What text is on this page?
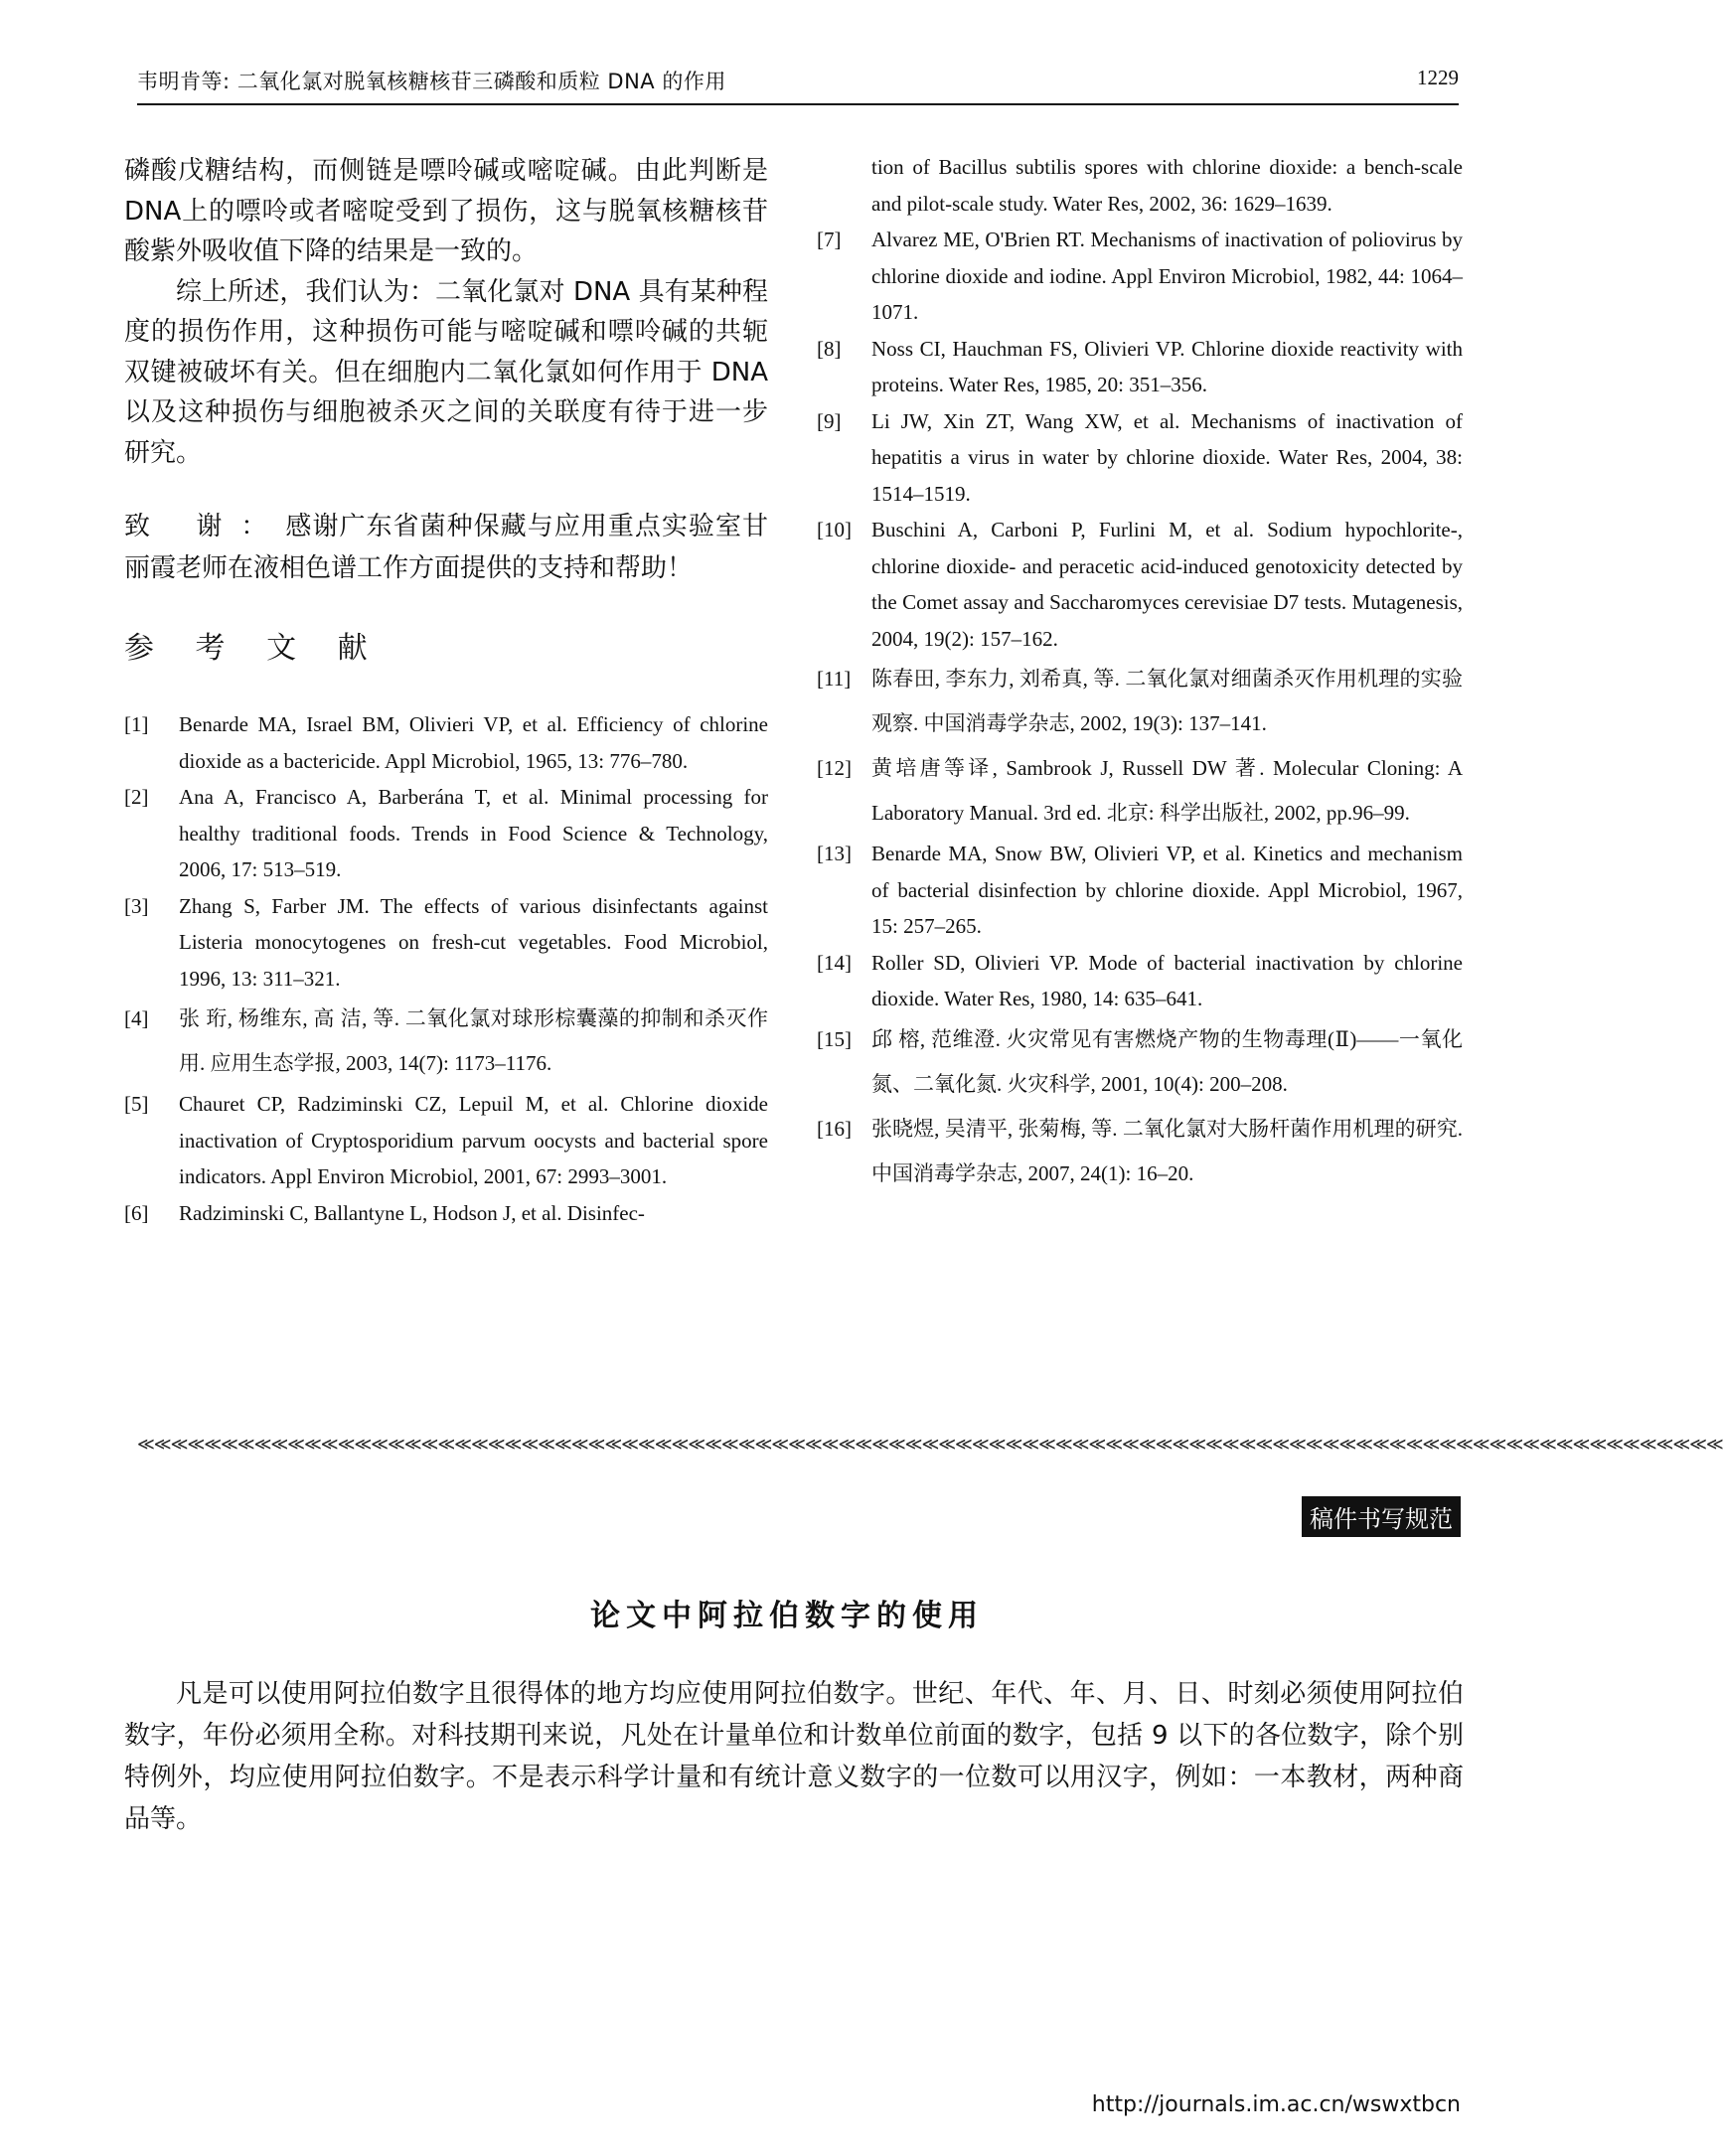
韦明肯等: 二氧化氯对脱氧核糖核苷三磷酸和质粒 DNA 的作用	1229

磷酸戊糖结构，而侧链是嘌呤碱或嘧啶碱。由此判断是DNA上的嘌呤或者嘧啶受到了损伤，这与脱氧核糖核苷酸紫外吸收值下降的结果是一致的。

综上所述，我们认为：二氧化氯对 DNA 具有某种程度的损伤作用，这种损伤可能与嘧啶碱和嘌呤碱的共轭双键被破坏有关。但在细胞内二氧化氯如何作用于 DNA 以及这种损伤与细胞被杀灭之间的关联度有待于进一步研究。

致 谢：感谢广东省菌种保藏与应用重点实验室甘丽霞老师在液相色谱工作方面提供的支持和帮助！
参 考 文 献
[1] Benarde MA, Israel BM, Olivieri VP, et al. Efficiency of chlorine dioxide as a bactericide. Appl Microbiol, 1965, 13: 776–780.
[2] Ana A, Francisco A, Barberána T, et al. Minimal processing for healthy traditional foods. Trends in Food Science & Technology, 2006, 17: 513–519.
[3] Zhang S, Farber JM. The effects of various disinfectants against Listeria monocytogenes on fresh-cut vegetables. Food Microbiol, 1996, 13: 311–321.
[4] 张 珩, 杨维东, 高 洁, 等. 二氧化氯对球形棕囊藻的抑制和杀灭作用. 应用生态学报, 2003, 14(7): 1173–1176.
[5] Chauret CP, Radziminski CZ, Lepuil M, et al. Chlorine dioxide inactivation of Cryptosporidium parvum oocysts and bacterial spore indicators. Appl Environ Microbiol, 2001, 67: 2993–3001.
[6] Radziminski C, Ballantyne L, Hodson J, et al. Disinfec-
tion of Bacillus subtilis spores with chlorine dioxide: a bench-scale and pilot-scale study. Water Res, 2002, 36: 1629–1639.
[7] Alvarez ME, O'Brien RT. Mechanisms of inactivation of poliovirus by chlorine dioxide and iodine. Appl Environ Microbiol, 1982, 44: 1064–1071.
[8] Noss CI, Hauchman FS, Olivieri VP. Chlorine dioxide reactivity with proteins. Water Res, 1985, 20: 351–356.
[9] Li JW, Xin ZT, Wang XW, et al. Mechanisms of inactivation of hepatitis a virus in water by chlorine dioxide. Water Res, 2004, 38: 1514–1519.
[10] Buschini A, Carboni P, Furlini M, et al. Sodium hypochlorite-, chlorine dioxide- and peracetic acid-induced genotoxicity detected by the Comet assay and Saccharomyces cerevisiae D7 tests. Mutagenesis, 2004, 19(2): 157–162.
[11] 陈春田, 李东力, 刘希真, 等. 二氧化氯对细菌杀灭作用机理的实验观察. 中国消毒学杂志, 2002, 19(3): 137–141.
[12] 黄培唐等译, Sambrook J, Russell DW 著. Molecular Cloning: A Laboratory Manual. 3rd ed. 北京: 科学出版社, 2002, pp.96–99.
[13] Benarde MA, Snow BW, Olivieri VP, et al. Kinetics and mechanism of bacterial disinfection by chlorine dioxide. Appl Microbiol, 1967, 15: 257–265.
[14] Roller SD, Olivieri VP. Mode of bacterial inactivation by chlorine dioxide. Water Res, 1980, 14: 635–641.
[15] 邱 榕, 范维澄. 火灾常见有害燃烧产物的生物毒理(Ⅱ)——一氧化氮、二氧化氮. 火灾科学, 2001, 10(4): 200–208.
[16] 张晓煜, 吴清平, 张菊梅, 等. 二氧化氯对大肠杆菌作用机理的研究. 中国消毒学杂志, 2007, 24(1): 16–20.
≪≪≪≪≪≪≪≪≪≪≪≪≪≪≪≪≪≪≪≪≪≪≪≪≪≪≪≪≪≪≪≪≪≪≪≪≪≪≪≪≪≪≪≪≪≪≪≪≪≪≪≪≪≪≪≪≪≪≪≪≪≪≪≪≪≪≪≪≪≪≪≪≪≪≪≪≪≪≪≪≪≪≪≪≪≪≪≪≪≪≪≪≪≪≪
稿件书写规范
论文中阿拉伯数字的使用

凡是可以使用阿拉伯数字且很得体的地方均应使用阿拉伯数字。世纪、年代、年、月、日、时刻必须使用阿拉伯数字，年份必须用全称。对科技期刊来说，凡处在计量单位和计数单位前面的数字，包括 9 以下的各位数字，除个别特例外，均应使用阿拉伯数字。不是表示科学计量和有统计意义数字的一位数可以用汉字，例如：一本教材，两种商品等。

http://journals.im.ac.cn/wswxtbcn
